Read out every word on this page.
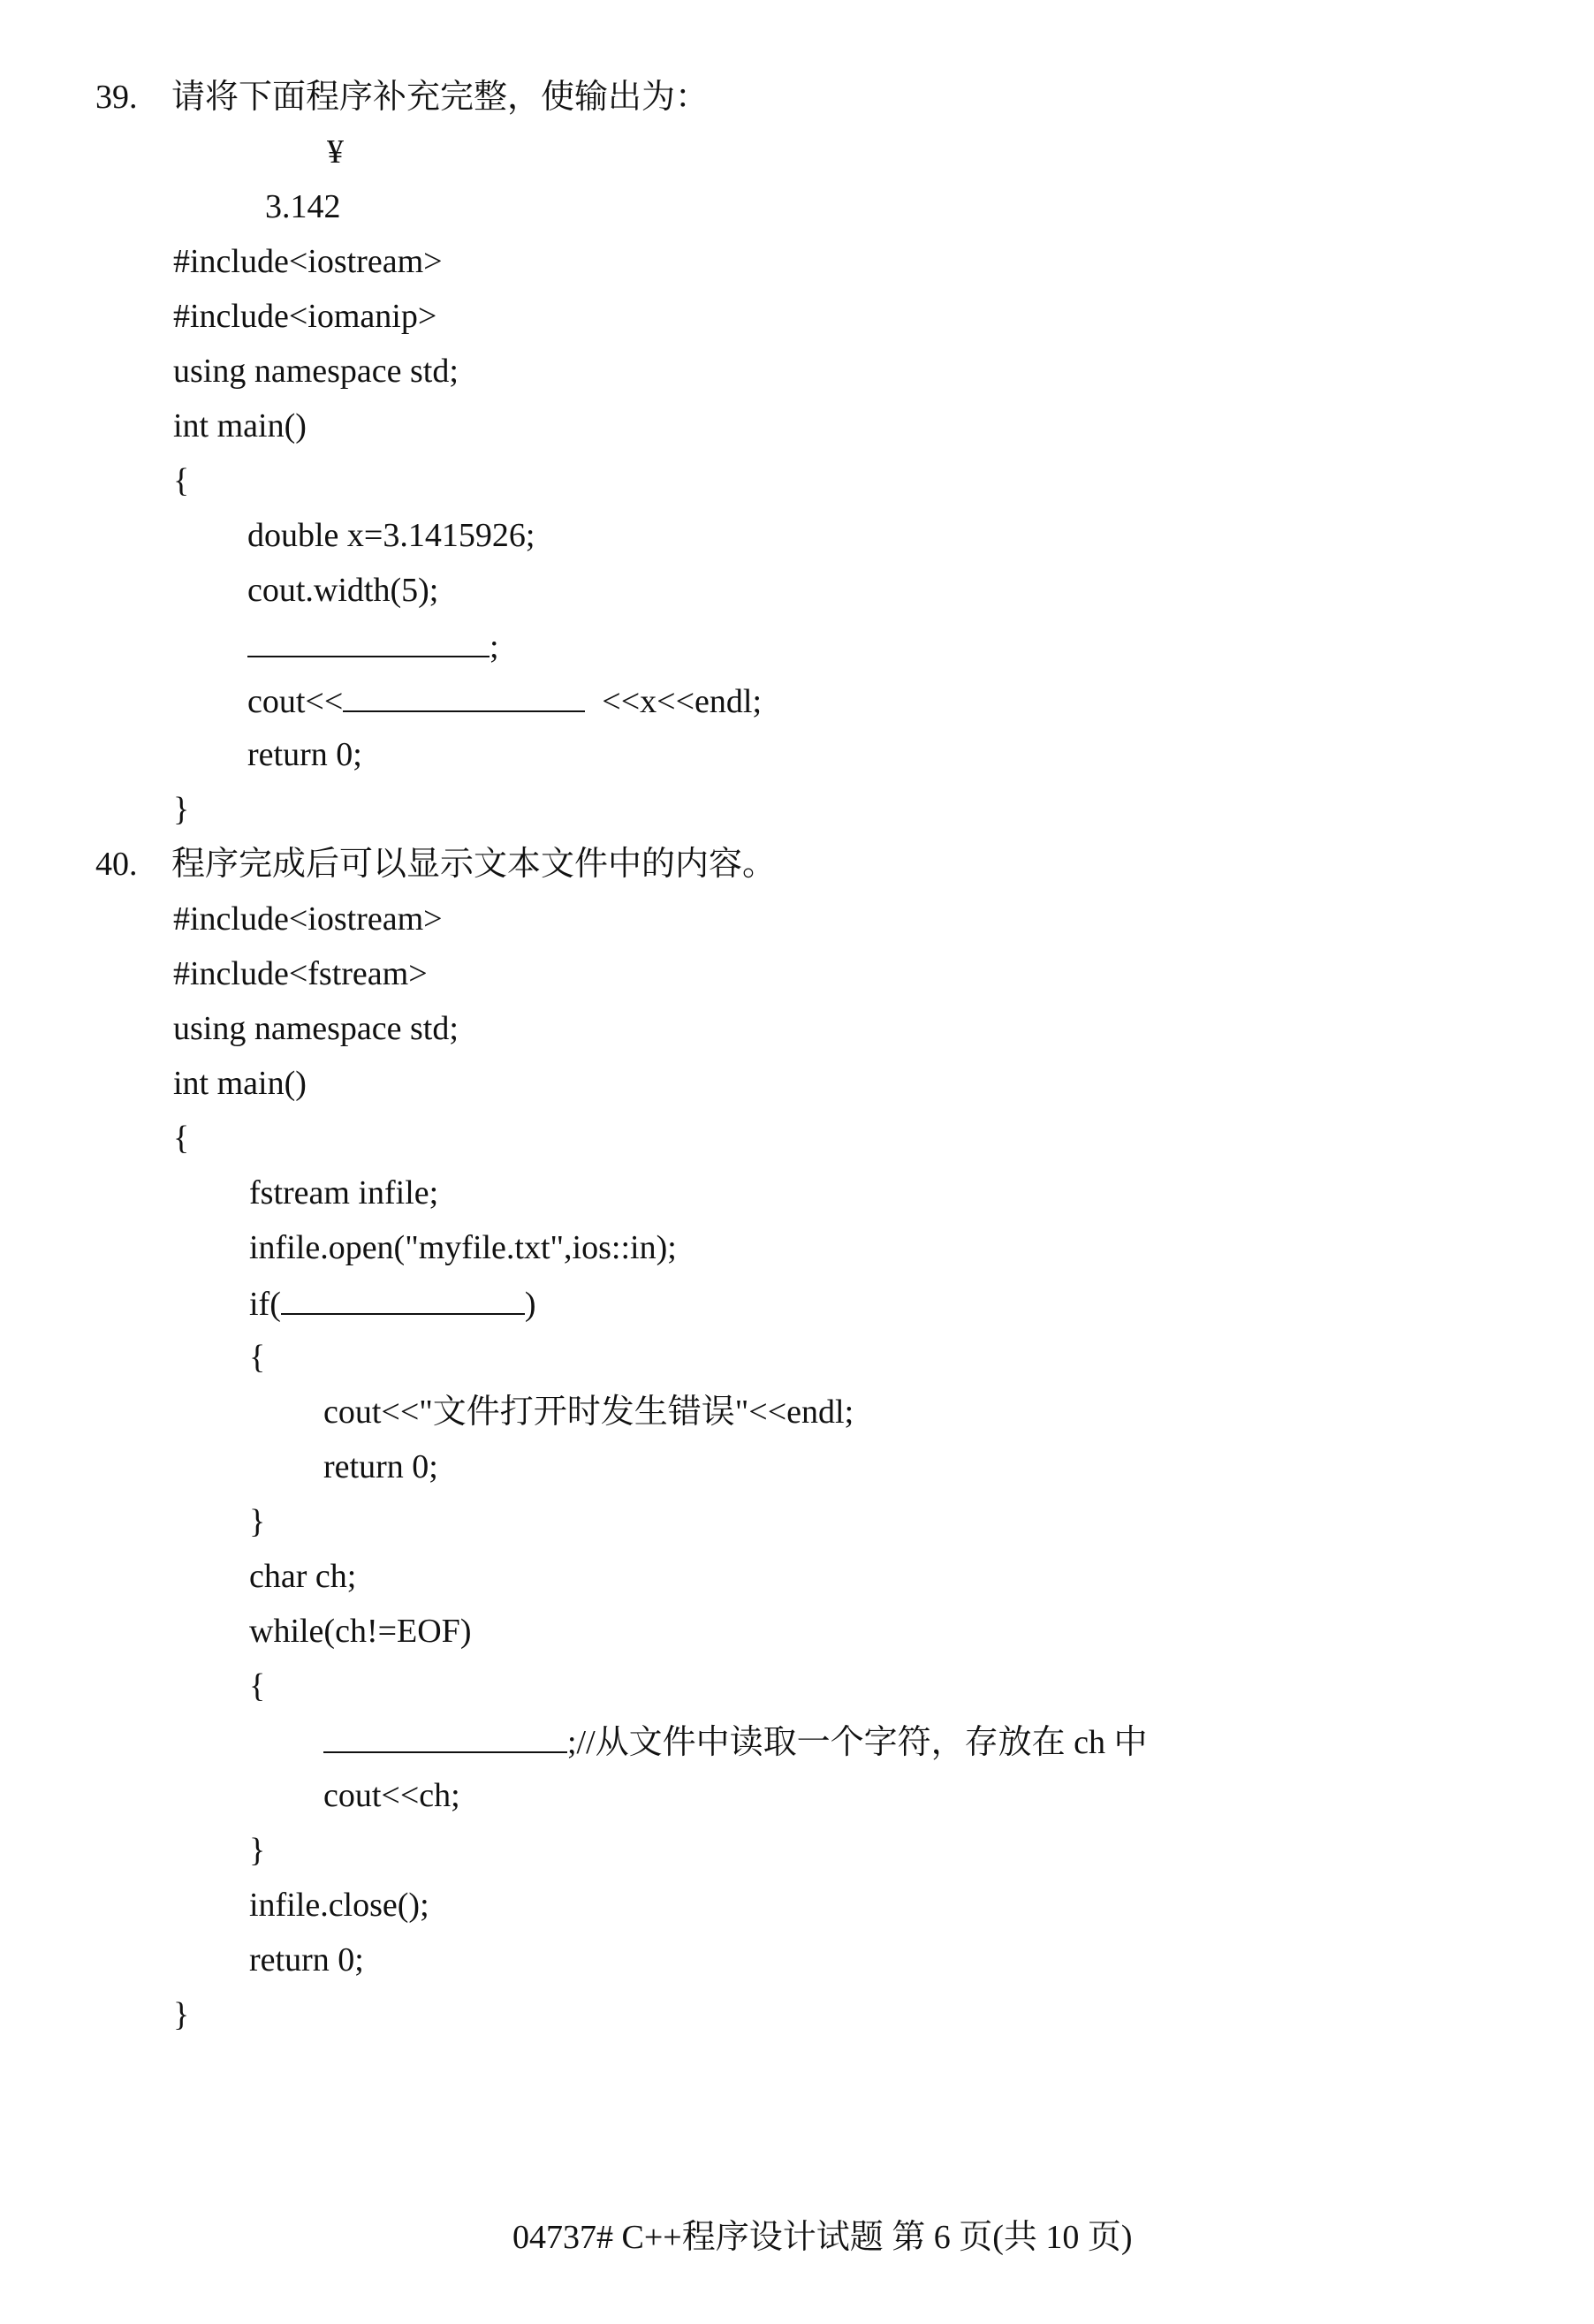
39. 请将下面程序补充完整，使输出为：
¥
3.142
#include<iostream>
#include<iomanip>
using namespace std;
int main()
{
double x=3.1415926;
cout.width(5);
;
cout<<	<<x<<endl;
return 0;
}
40. 程序完成后可以显示文本文件中的内容。
#include<iostream>
#include<fstream>
using namespace std;
int main()
{
fstream infile;
infile.open("myfile.txt",ios::in);
if(	)
{
cout<<"文件打开时发生错误"<<endl;
return 0;
}
char ch;
while(ch!=EOF)
{
;//从文件中读取一个字符，存放在 ch 中
cout<<ch;
}
infile.close();
return 0;
}
04737# C++程序设计试题 第 6 页(共 10 页)
